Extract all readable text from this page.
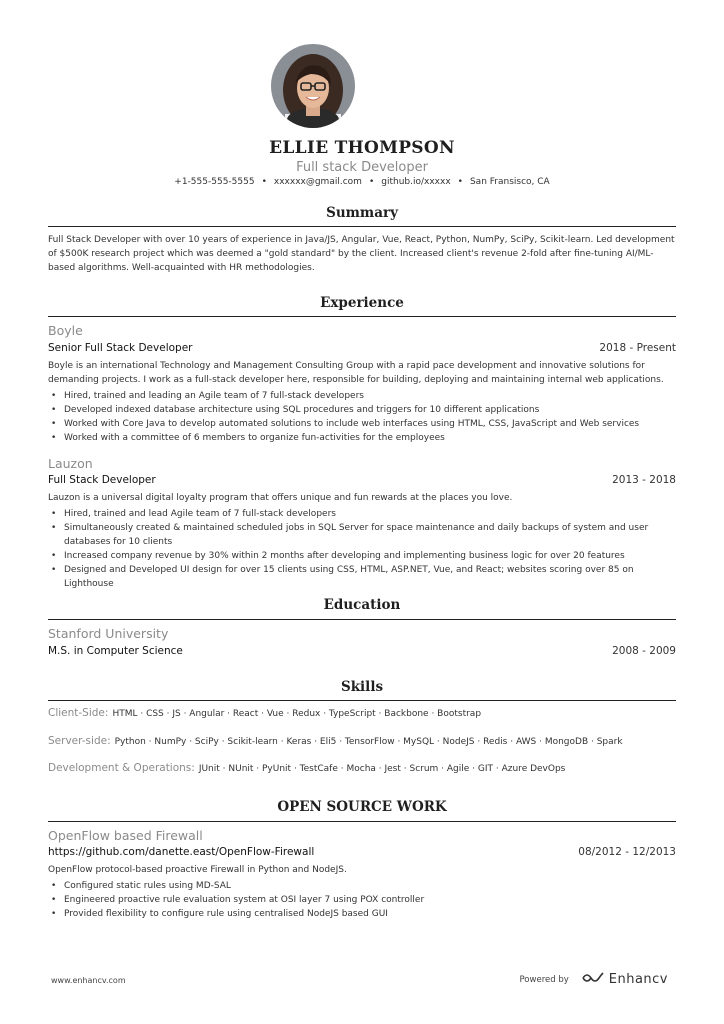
ELLIE THOMPSON
Full stack Developer
+1-555-555-5555 • xxxxxx@gmail.com • github.io/xxxxx • San Fransisco, CA
Summary
Full Stack Developer with over 10 years of experience in Java/JS, Angular, Vue, React, Python, NumPy, SciPy, Scikit-learn. Led development of $500K research project which was deemed a "gold standard" by the client. Increased client's revenue 2-fold after fine-tuning AI/ML-based algorithms. Well-acquainted with HR methodologies.
Experience
Boyle
Senior Full Stack Developer	2018 - Present
Boyle is an international Technology and Management Consulting Group with a rapid pace development and innovative solutions for demanding projects. I work as a full-stack developer here, responsible for building, deploying and maintaining internal web applications.
• Hired, trained and leading an Agile team of 7 full-stack developers
• Developed indexed database architecture using SQL procedures and triggers for 10 different applications
• Worked with Core Java to develop automated solutions to include web interfaces using HTML, CSS, JavaScript and Web services
• Worked with a committee of 6 members to organize fun-activities for the employees
Lauzon
Full Stack Developer	2013 - 2018
Lauzon is a universal digital loyalty program that offers unique and fun rewards at the places you love.
• Hired, trained and lead Agile team of 7 full-stack developers
• Simultaneously created & maintained scheduled jobs in SQL Server for space maintenance and daily backups of system and user databases for 10 clients
• Increased company revenue by 30% within 2 months after developing and implementing business logic for over 20 features
• Designed and Developed UI design for over 15 clients using CSS, HTML, ASP.NET, Vue, and React; websites scoring over 85 on Lighthouse
Education
Stanford University
M.S. in Computer Science	2008 - 2009
Skills
Client-Side: HTML · CSS · JS · Angular · React · Vue · Redux · TypeScript · Backbone · Bootstrap
Server-side: Python · NumPy · SciPy · Scikit-learn · Keras · Eli5 · TensorFlow · MySQL · NodeJS · Redis · AWS · MongoDB · Spark
Development & Operations: JUnit · NUnit · PyUnit · TestCafe · Mocha · Jest · Scrum · Agile · GIT · Azure DevOps
OPEN SOURCE WORK
OpenFlow based Firewall
https://github.com/danette.east/OpenFlow-Firewall	08/2012 - 12/2013
OpenFlow protocol-based proactive Firewall in Python and NodeJS.
• Configured static rules using MD-SAL
• Engineered proactive rule evaluation system at OSI layer 7 using POX controller
• Provided flexibility to configure rule using centralised NodeJS based GUI
www.enhancv.com	Powered by	Enhancv
